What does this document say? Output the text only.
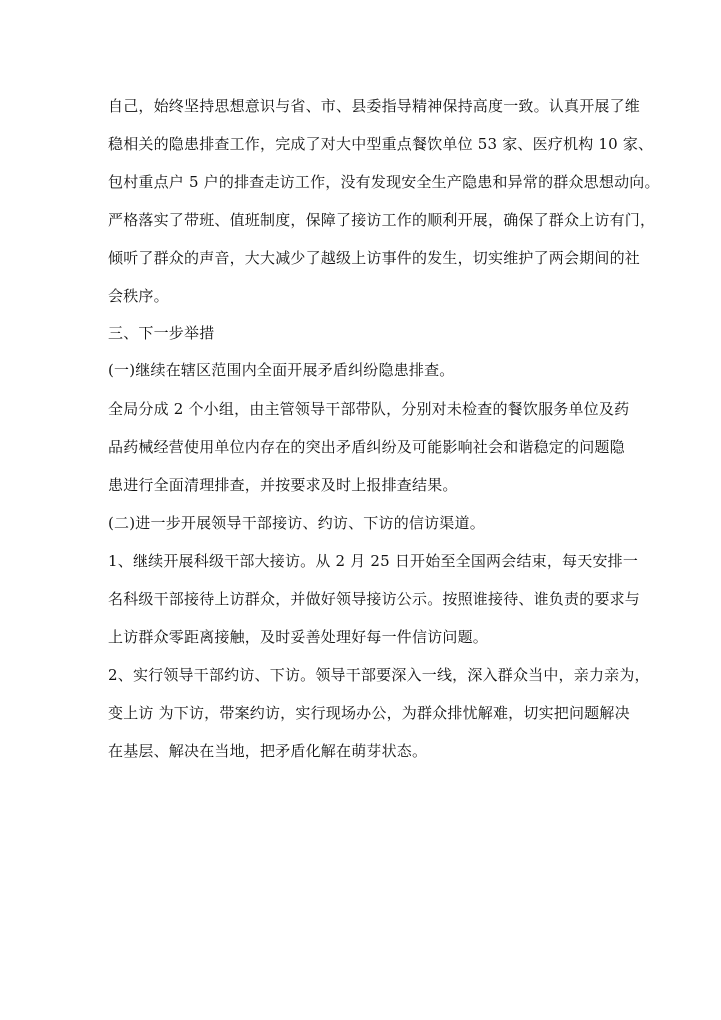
自己，始终坚持思想意识与省、市、县委指导精神保持高度一致。认真开展了维
稳相关的隐患排查工作，完成了对大中型重点餐饮单位 53 家、医疗机构 10 家、
包村重点户 5 户的排查走访工作，没有发现安全生产隐患和异常的群众思想动向。
严格落实了带班、值班制度，保障了接访工作的顺利开展，确保了群众上访有门，
倾听了群众的声音，大大减少了越级上访事件的发生，切实维护了两会期间的社
会秩序。
三、下一步举措
(一)继续在辖区范围内全面开展矛盾纠纷隐患排查。
全局分成 2 个小组，由主管领导干部带队，分别对未检查的餐饮服务单位及药
品药械经营使用单位内存在的突出矛盾纠纷及可能影响社会和谐稳定的问题隐
患进行全面清理排查，并按要求及时上报排查结果。
(二)进一步开展领导干部接访、约访、下访的信访渠道。
1、继续开展科级干部大接访。从 2 月 25 日开始至全国两会结束，每天安排一
名科级干部接待上访群众，并做好领导接访公示。按照谁接待、谁负责的要求与
上访群众零距离接触，及时妥善处理好每一件信访问题。
2、实行领导干部约访、下访。领导干部要深入一线，深入群众当中，亲力亲为，
变上访 为下访，带案约访，实行现场办公，为群众排忧解难，切实把问题解决
在基层、解决在当地，把矛盾化解在萌芽状态。
